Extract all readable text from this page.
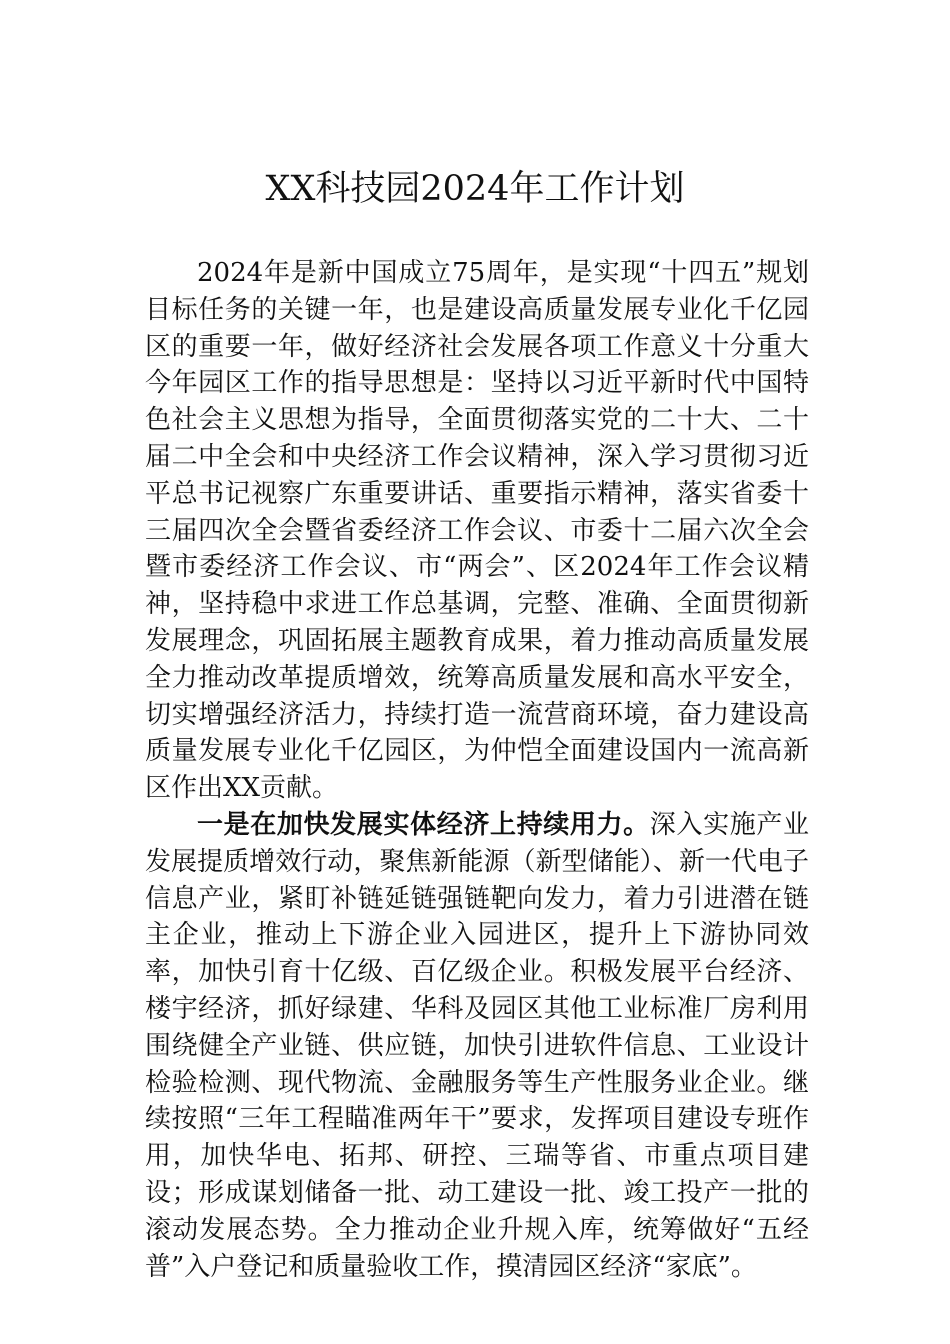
XX科技园2024年工作计划

2024年是新中国成立75周年，是实现“十四五”规划目标任务的关键一年，也是建设高质量发展专业化千亿园区的重要一年，做好经济社会发展各项工作意义十分重大今年园区工作的指导思想是：坚持以习近平新时代中国特色社会主义思想为指导，全面贯彻落实党的二十大、二十届二中全会和中央经济工作会议精神，深入学习贯彻习近平总书记视察广东重要讲话、重要指示精神，落实省委十三届四次全会暨省委经济工作会议、市委十二届六次全会暨市委经济工作会议、市“两会”、区2024年工作会议精神，坚持稳中求进工作总基调，完整、准确、全面贯彻新发展理念，巩固拓展主题教育成果，着力推动高质量发展全力推动改革提质增效，统筹高质量发展和高水平安全，切实增强经济活力，持续打造一流营商环境，奋力建设高质量发展专业化千亿园区，为仲恺全面建设国内一流高新区作出XX贡献。

一是在加快发展实体经济上持续用力。深入实施产业发展提质增效行动，聚焦新能源（新型储能）、新一代电子信息产业，紧盯补链延链强链靶向发力，着力引进潜在链主企业，推动上下游企业入园进区，提升上下游协同效率，加快引育十亿级、百亿级企业。积极发展平台经济、楼宇经济，抓好绿建、华科及园区其他工业标准厂房利用围绕健全产业链、供应链，加快引进软件信息、工业设计检验检测、现代物流、金融服务等生产性服务业企业。继续按照“三年工程瞄准两年干”要求，发挥项目建设专班作用，加快华电、拓邦、研控、三瑞等省、市重点项目建设；形成谋划储备一批、动工建设一批、竣工投产一批的滚动发展态势。全力推动企业升规入库，统筹做好“五经普”入户登记和质量验收工作，摸清园区经济“家底”。
